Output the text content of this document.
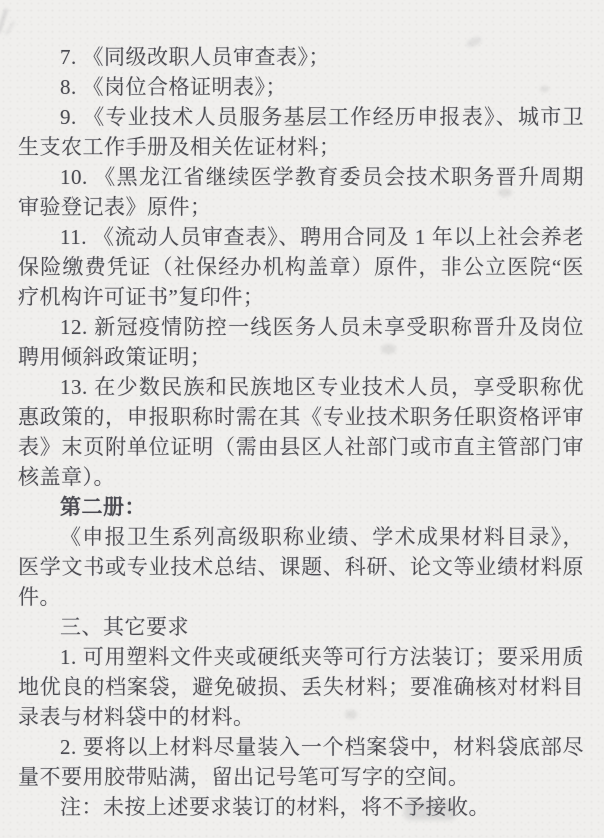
7. 《同级改职人员审查表》；

8. 《岗位合格证明表》；

9. 《专业技术人员服务基层工作经历申报表》、城市卫生支农工作手册及相关佐证材料；

10. 《黑龙江省继续医学教育委员会技术职务晋升周期审验登记表》原件；

11. 《流动人员审查表》、聘用合同及 1 年以上社会养老保险缴费凭证（社保经办机构盖章）原件，非公立医院“医疗机构许可证书”复印件；

12. 新冠疫情防控一线医务人员未享受职称晋升及岗位聘用倾斜政策证明；

13. 在少数民族和民族地区专业技术人员，享受职称优惠政策的，申报职称时需在其《专业技术职务任职资格评审表》末页附单位证明（需由县区人社部门或市直主管部门审核盖章）。

第二册：

《申报卫生系列高级职称业绩、学术成果材料目录》，医学文书或专业技术总结、课题、科研、论文等业绩材料原件。

三、其它要求

1. 可用塑料文件夹或硬纸夹等可行方法装订；要采用质地优良的档案袋，避免破损、丢失材料；要准确核对材料目录表与材料袋中的材料。

2. 要将以上材料尽量装入一个档案袋中，材料袋底部尽量不要用胶带贴满，留出记号笔可写字的空间。

注：未按上述要求装订的材料，将不予接收。
